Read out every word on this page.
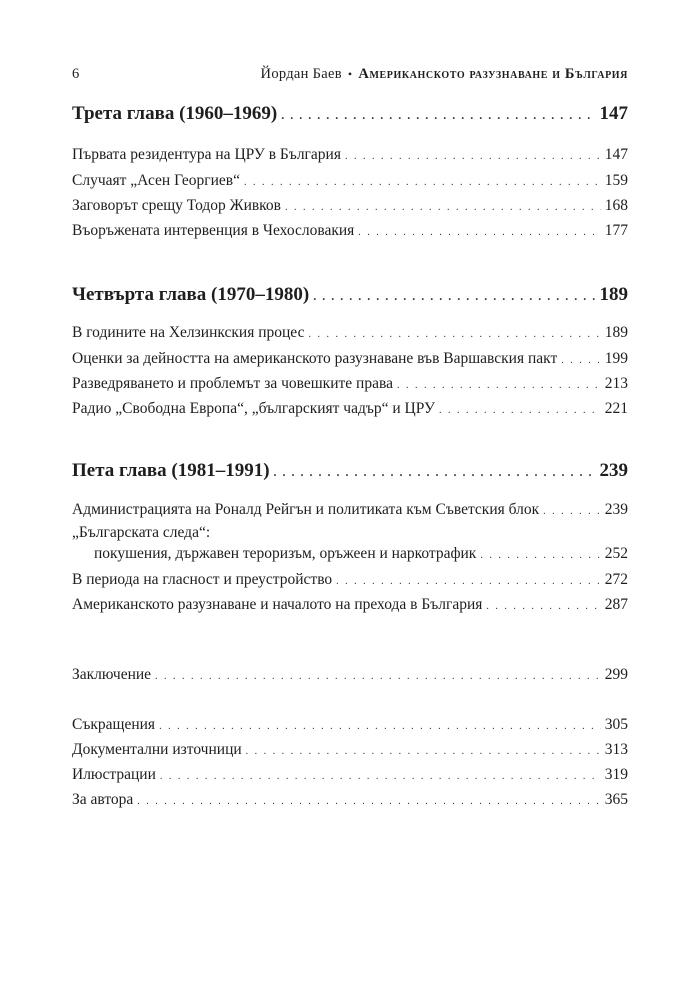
6	Йордан Баев • Американското разузнаване и България
Трета глава (1960–1969) . . .	147
Първата резидентура на ЦРУ в България . . .	147
Случаят „Асен Георгиев“ . . .	159
Заговорът срещу Тодор Живков . . .	168
Въоръжената интервенция в Чехословакия . . .	177
Четвърта глава (1970–1980) . . .	189
В годините на Хелзинкския процес . . .	189
Оценки за дейността на американското разузнаване във Варшавския пакт . . .	199
Разведряването и проблемът за човешките права . . .	213
Радио „Свободна Европа“, „българският чадър“ и ЦРУ . . .	221
Пета глава (1981–1991) . . .	239
Администрацията на Роналд Рейгън и политиката към Съветския блок . . .	239
„Българската следа“:
покушения, държавен тероризъм, оръжеен и наркотрафик . . .	252
В периода на гласност и преустройство . . .	272
Американското разузнаване и началото на прехода в България . . .	287
Заключение . . .	299
Съкращения . . .	305
Документални източници . . .	313
Илюстрации . . .	319
За автора . . .	365
